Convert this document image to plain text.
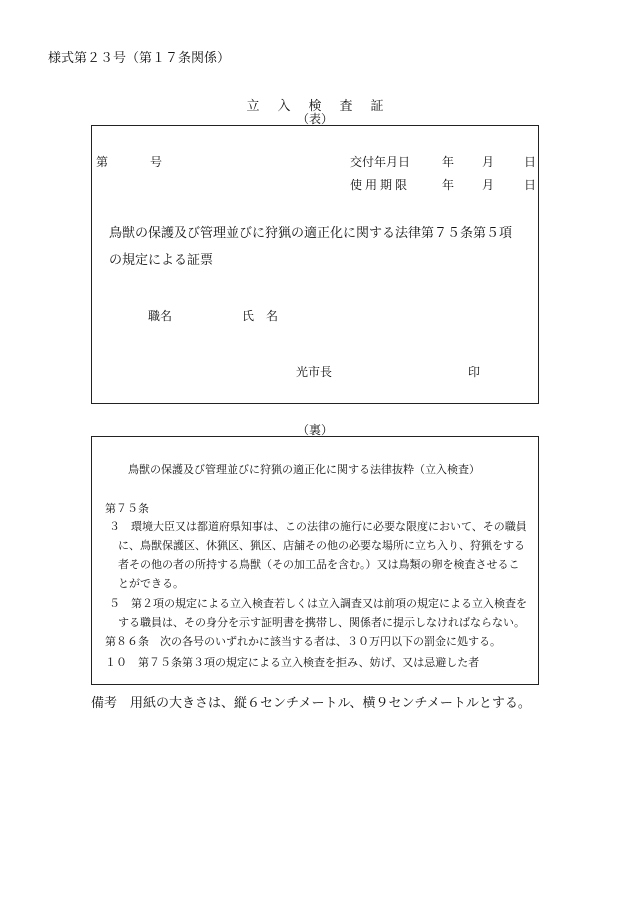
様式第２３号（第１７条関係）
立入検査証
（表）
第	号	交付年月日	年 月 日
使用期限	年 月 日
鳥獣の保護及び管理並びに狩猟の適正化に関する法律第７５条第５項
の規定による証票
職名	氏　名
光市長	印
（裏）
鳥獣の保護及び管理並びに狩猟の適正化に関する法律抜粋（立入検査）
第７５条
３　環境大臣又は都道府県知事は、この法律の施行に必要な限度において、その職員
に、鳥獣保護区、休猟区、猟区、店舗その他の必要な場所に立ち入り、狩猟をする
者その他の者の所持する鳥獣（その加工品を含む。）又は鳥類の卵を検査させるこ
とができる。
５　第２項の規定による立入検査若しくは立入調査又は前項の規定による立入検査を
する職員は、その身分を示す証明書を携帯し、関係者に提示しなければならない。
第８６条　次の各号のいずれかに該当する者は、３０万円以下の罰金に処する。
１０　第７５条第３項の規定による立入検査を拒み、妨げ、又は忌避した者
備考　用紙の大きさは、縦６センチメートル、横９センチメートルとする。
